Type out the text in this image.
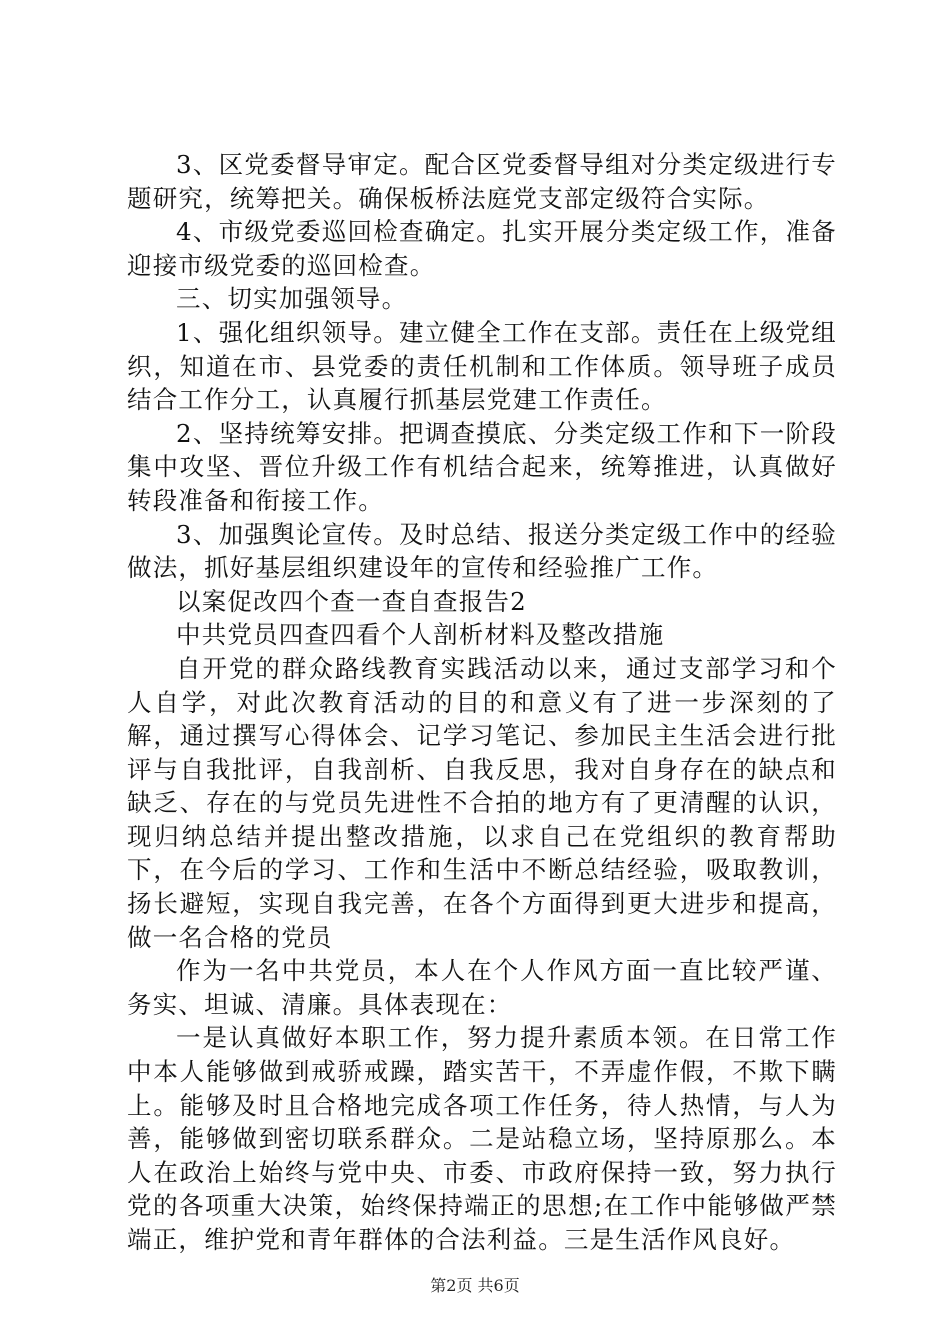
3、区党委督导审定。配合区党委督导组对分类定级进行专题研究，统筹把关。确保板桥法庭党支部定级符合实际。

4、市级党委巡回检查确定。扎实开展分类定级工作，准备迎接市级党委的巡回检查。

三、切实加强领导。

1、强化组织领导。建立健全工作在支部。责任在上级党组织，知道在市、县党委的责任机制和工作体质。领导班子成员结合工作分工，认真履行抓基层党建工作责任。

2、坚持统筹安排。把调查摸底、分类定级工作和下一阶段集中攻坚、晋位升级工作有机结合起来，统筹推进，认真做好转段准备和衔接工作。

3、加强舆论宣传。及时总结、报送分类定级工作中的经验做法，抓好基层组织建设年的宣传和经验推广工作。

以案促改四个查一查自查报告2

中共党员四查四看个人剖析材料及整改措施

自开党的群众路线教育实践活动以来，通过支部学习和个人自学，对此次教育活动的目的和意义有了进一步深刻的了解，通过撰写心得体会、记学习笔记、参加民主生活会进行批评与自我批评，自我剖析、自我反思，我对自身存在的缺点和缺乏、存在的与党员先进性不合拍的地方有了更清醒的认识，现归纳总结并提出整改措施，以求自己在党组织的教育帮助下，在今后的学习、工作和生活中不断总结经验，吸取教训，扬长避短，实现自我完善，在各个方面得到更大进步和提高，做一名合格的党员

作为一名中共党员，本人在个人作风方面一直比较严谨、务实、坦诚、清廉。具体表现在：

一是认真做好本职工作，努力提升素质本领。在日常工作中本人能够做到戒骄戒躁，踏实苦干，不弄虚作假，不欺下瞒上。能够及时且合格地完成各项工作任务，待人热情，与人为善，能够做到密切联系群众。二是站稳立场，坚持原那么。本人在政治上始终与党中央、市委、市政府保持一致，努力执行党的各项重大决策，始终保持端正的思想;在工作中能够做严禁端正，维护党和青年群体的合法利益。三是生活作风良好。

第2页 共6页
